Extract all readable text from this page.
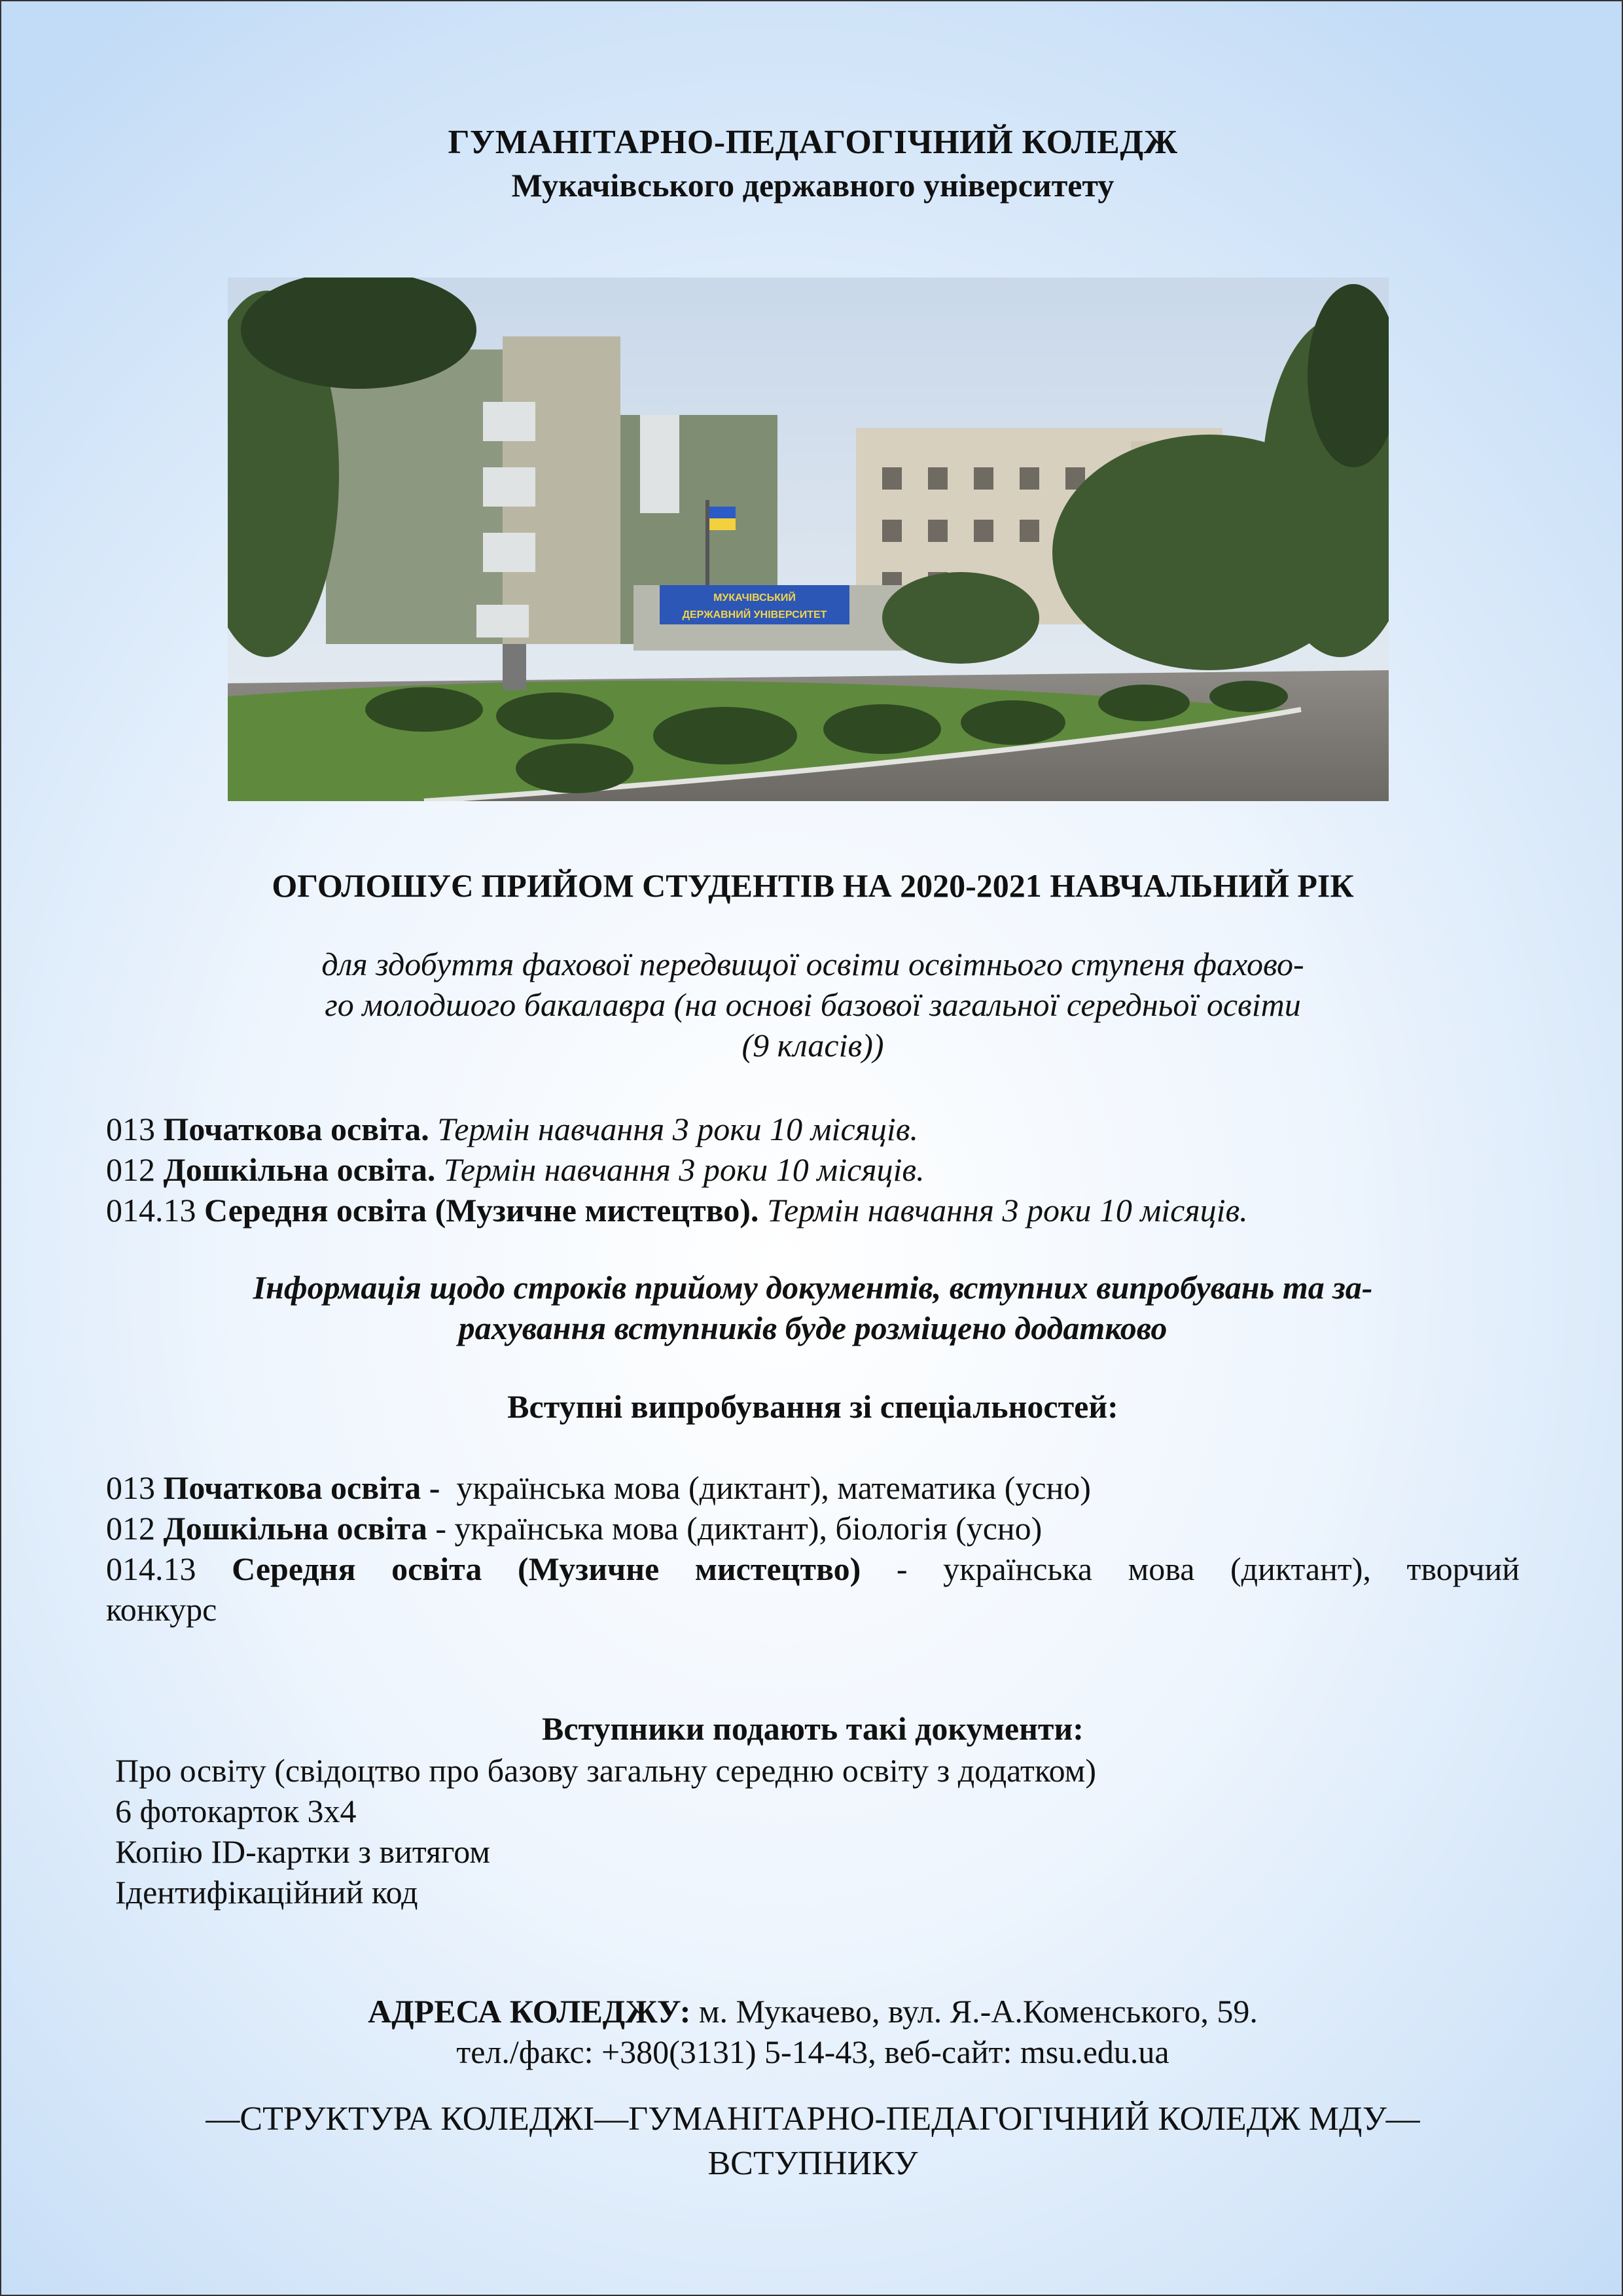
ГУМАНІТАРНО-ПЕДАГОГІЧНИЙ КОЛЕДЖ
Мукачівського державного університету
МУКАЧІВСЬКИЙ
ДЕРЖАВНИЙ УНІВЕРСИТЕТ
ОГОЛОШУЄ ПРИЙОМ СТУДЕНТІВ НА 2020-2021 НАВЧАЛЬНИЙ РІК
для здобуття фахової передвищої освіти освітнього ступеня фахово-
го молодшого бакалавра (на основі базової загальної середньої освіти
(9 класів))
013 Початкова освіта. Термін навчання 3 роки 10 місяців.
012 Дошкільна освіта. Термін навчання 3 роки 10 місяців.
014.13 Середня освіта (Музичне мистецтво). Термін навчання 3 роки 10 місяців.
Інформація щодо строків прийому документів, вступних випробувань та за-
рахування вступників буде розміщено додатково
Вступні випробування зі спеціальностей:
013 Початкова освіта - українська мова (диктант), математика (усно)
012 Дошкільна освіта - українська мова (диктант), біологія (усно)
014.13 Середня освіта (Музичне мистецтво) - українська мова (диктант), творчий
конкурс
Вступники подають такі документи:
Про освіту (свідоцтво про базову загальну середню освіту з додатком)
6 фотокарток 3х4
Копію ID-картки з витягом
Ідентифікаційний код
АДРЕСА КОЛЕДЖУ: м. Мукачево, вул. Я.-А.Коменського, 59.
тел./факс: +380(3131) 5-14-43, веб-сайт: msu.edu.ua
—СТРУКТУРА КОЛЕДЖІ—ГУМАНІТАРНО-ПЕДАГОГІЧНИЙ КОЛЕДЖ МДУ—
ВСТУПНИКУ
